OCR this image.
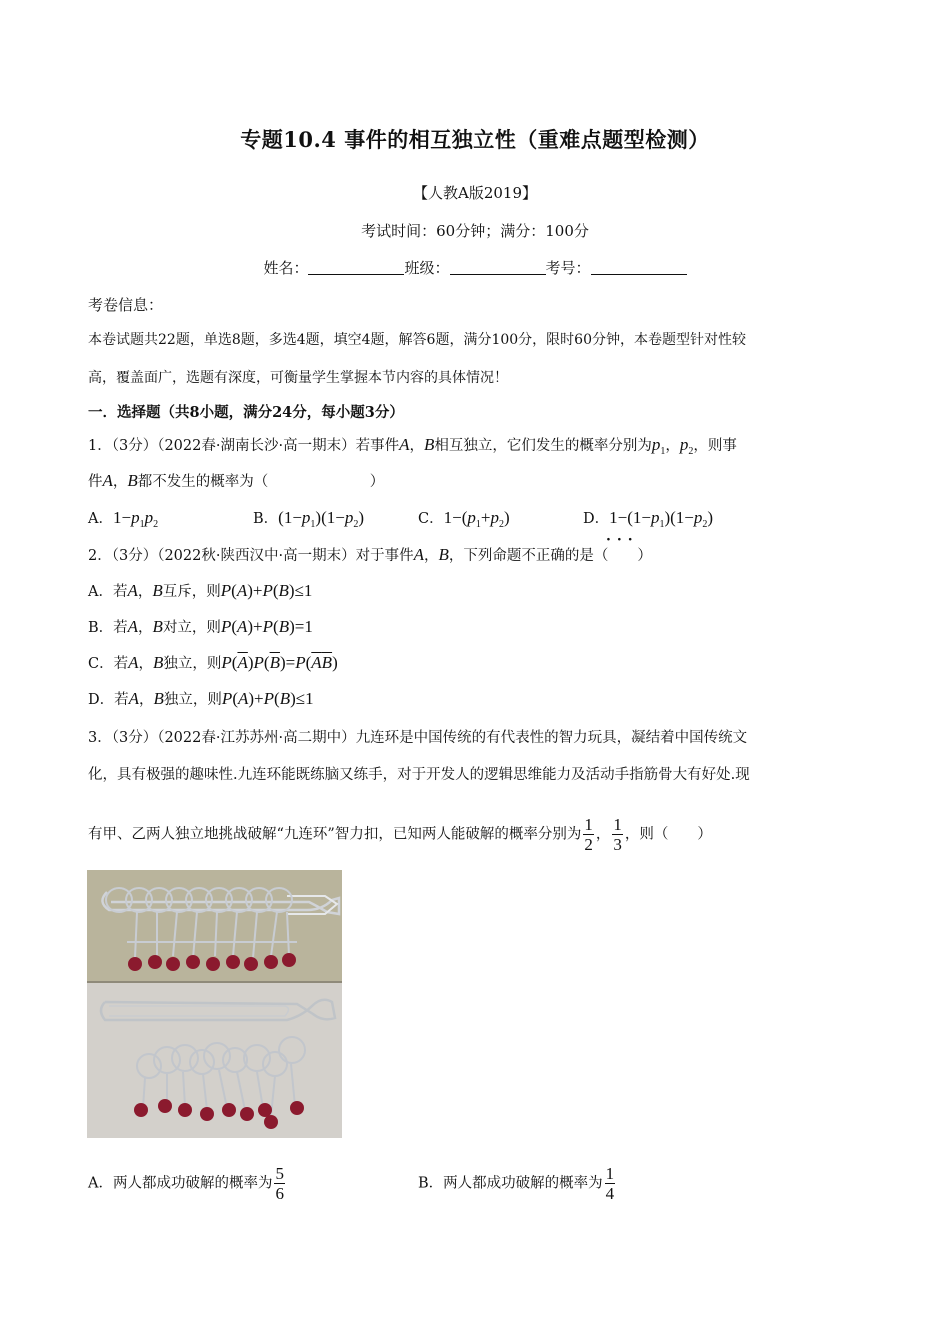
专题10.4 事件的相互独立性（重难点题型检测）
【人教A版2019】
考试时间：60分钟；满分：100分
姓名：	班级：	考号：
考卷信息：
本卷试题共22题，单选8题，多选4题，填空4题，解答6题，满分100分，限时60分钟，本卷题型针对性较
高，覆盖面广，选题有深度，可衡量学生掌握本节内容的具体情况！
一．选择题（共8小题，满分24分，每小题3分）
1．（3分）（2022春·湖南长沙·高一期末）若事件A，B相互独立，它们发生的概率分别为$p_1$，$p_2$，则事
件A，B都不发生的概率为（　　　　　　　）
A．$1-p_1p_2$	B．$(1-p_1)(1-p_2)$	C．$1-(p_1+p_2)$	D．$1-(1-p_1)(1-p_2)$
2．（3分）（2022秋·陕西汉中·高一期末）对于事件A，B，下列命题不正确的是（　　）
···
A．若A，B互斥，则P(A)+P(B)≤1
B．若A，B对立，则P(A)+P(B)=1
C．若A，B独立，则$P(\overline{A})P(\overline{B})=P(\overline{A}\overline{B})$
D．若A，B独立，则P(A)+P(B)≤1
3．（3分）（2022春·江苏苏州·高二期中）九连环是中国传统的有代表性的智力玩具，凝结着中国传统文
化，具有极强的趣味性.九连环能既练脑又练手，对于开发人的逻辑思维能力及活动手指筋骨大有好处.现
有甲、乙两人独立地挑战破解“九连环”智力扣，已知两人能破解的概率分别为 $\frac{1}{2}$ ， $\frac{1}{3}$ ，则（　　）
A．两人都成功破解的概率为 $\frac{5}{6}$	B．两人都成功破解的概率为 $\frac{1}{4}$
